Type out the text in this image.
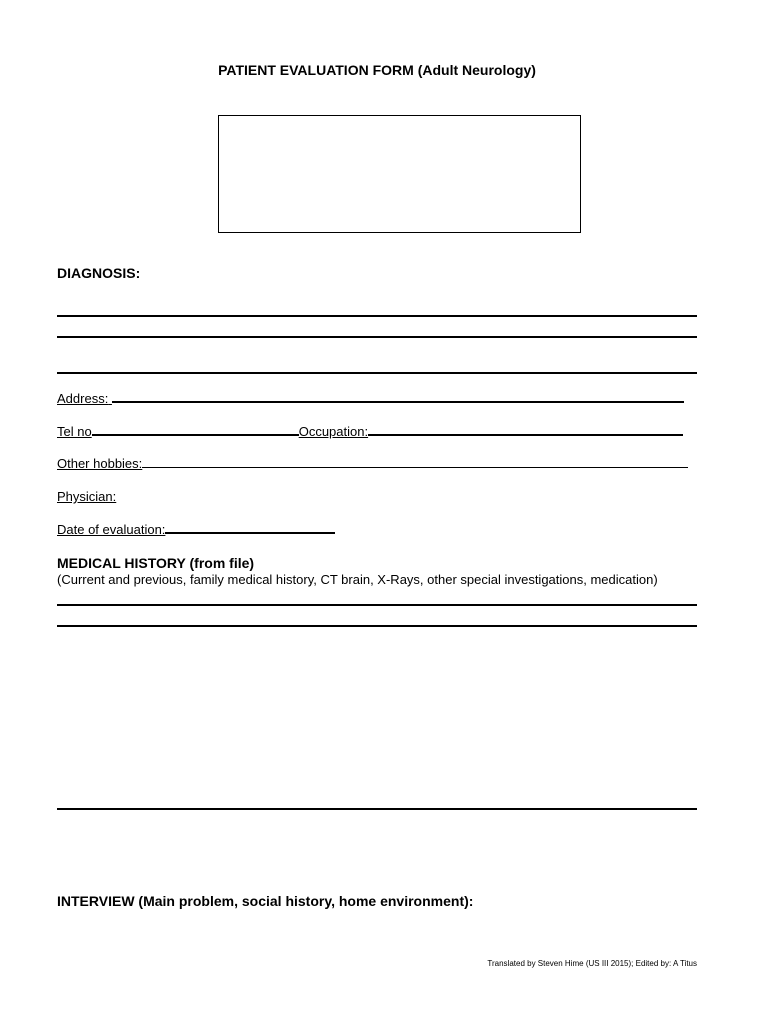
PATIENT EVALUATION FORM (Adult Neurology)
DIAGNOSIS:
Address:
Tel no	Occupation:
Other hobbies:
Physician:
Date of evaluation:
MEDICAL HISTORY (from file)
(Current and previous, family medical history, CT brain, X-Rays, other special investigations, medication)
INTERVIEW (Main problem, social history, home environment):
Translated by Steven Hime (US III 2015); Edited by: A Titus
